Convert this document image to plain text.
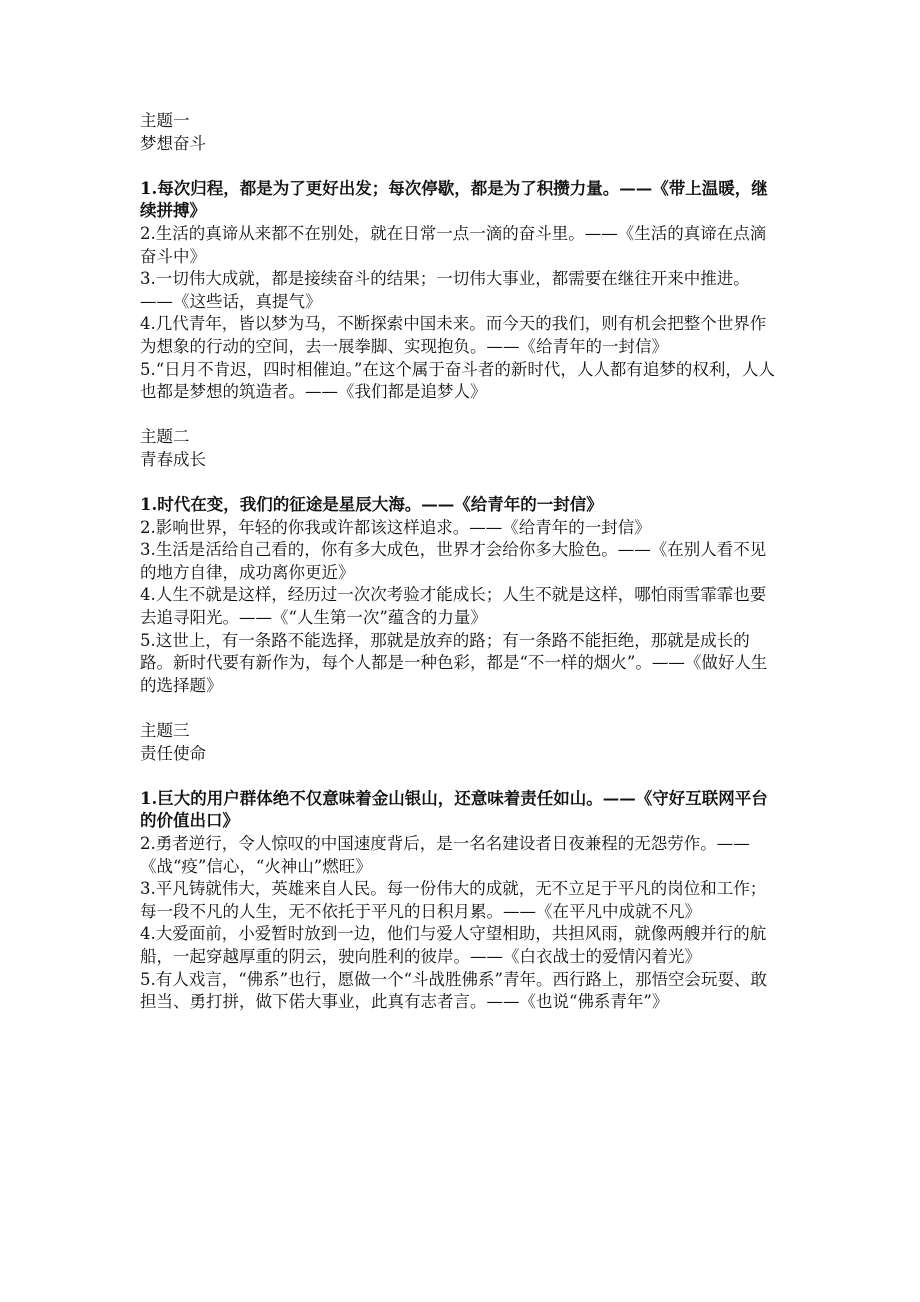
主题一

梦想奋斗

1.每次归程，都是为了更好出发；每次停歇，都是为了积攒力量。——《带上温暖，继续拼搏》

2.生活的真谛从来都不在别处，就在日常一点一滴的奋斗里。——《生活的真谛在点滴奋斗中》

3.一切伟大成就，都是接续奋斗的结果；一切伟大事业，都需要在继往开来中推进。——《这些话，真提气》

4.几代青年，皆以梦为马，不断探索中国未来。而今天的我们，则有机会把整个世界作为想象的行动的空间，去一展拳脚、实现抱负。——《给青年的一封信》

5.“日月不肯迟，四时相催迫。”在这个属于奋斗者的新时代，人人都有追梦的权利，人人也都是梦想的筑造者。——《我们都是追梦人》

主题二

青春成长

1.时代在变，我们的征途是星辰大海。——《给青年的一封信》

2.影响世界，年轻的你我或许都该这样追求。——《给青年的一封信》

3.生活是活给自己看的，你有多大成色，世界才会给你多大脸色。——《在别人看不见的地方自律，成功离你更近》

4.人生不就是这样，经历过一次次考验才能成长；人生不就是这样，哪怕雨雪霏霏也要去追寻阳光。——《“人生第一次”蕴含的力量》

5.这世上，有一条路不能选择，那就是放弃的路；有一条路不能拒绝，那就是成长的路。新时代要有新作为，每个人都是一种色彩，都是“不一样的烟火”。——《做好人生的选择题》

主题三

责任使命

1.巨大的用户群体绝不仅意味着金山银山，还意味着责任如山。——《守好互联网平台的价值出口》

2.勇者逆行，令人惊叹的中国速度背后，是一名名建设者日夜兼程的无怨劳作。——《战“疫”信心，“火神山”燃旺》

3.平凡铸就伟大，英雄来自人民。每一份伟大的成就，无不立足于平凡的岗位和工作；每一段不凡的人生，无不依托于平凡的日积月累。——《在平凡中成就不凡》

4.大爱面前，小爱暂时放到一边，他们与爱人守望相助，共担风雨，就像两艘并行的航船，一起穿越厚重的阴云，驶向胜利的彼岸。——《白衣战士的爱情闪着光》

5.有人戏言，“佛系”也行，愿做一个“斗战胜佛系”青年。西行路上，那悟空会玩耍、敢担当、勇打拼，做下偌大事业，此真有志者言。——《也说“佛系青年”》
